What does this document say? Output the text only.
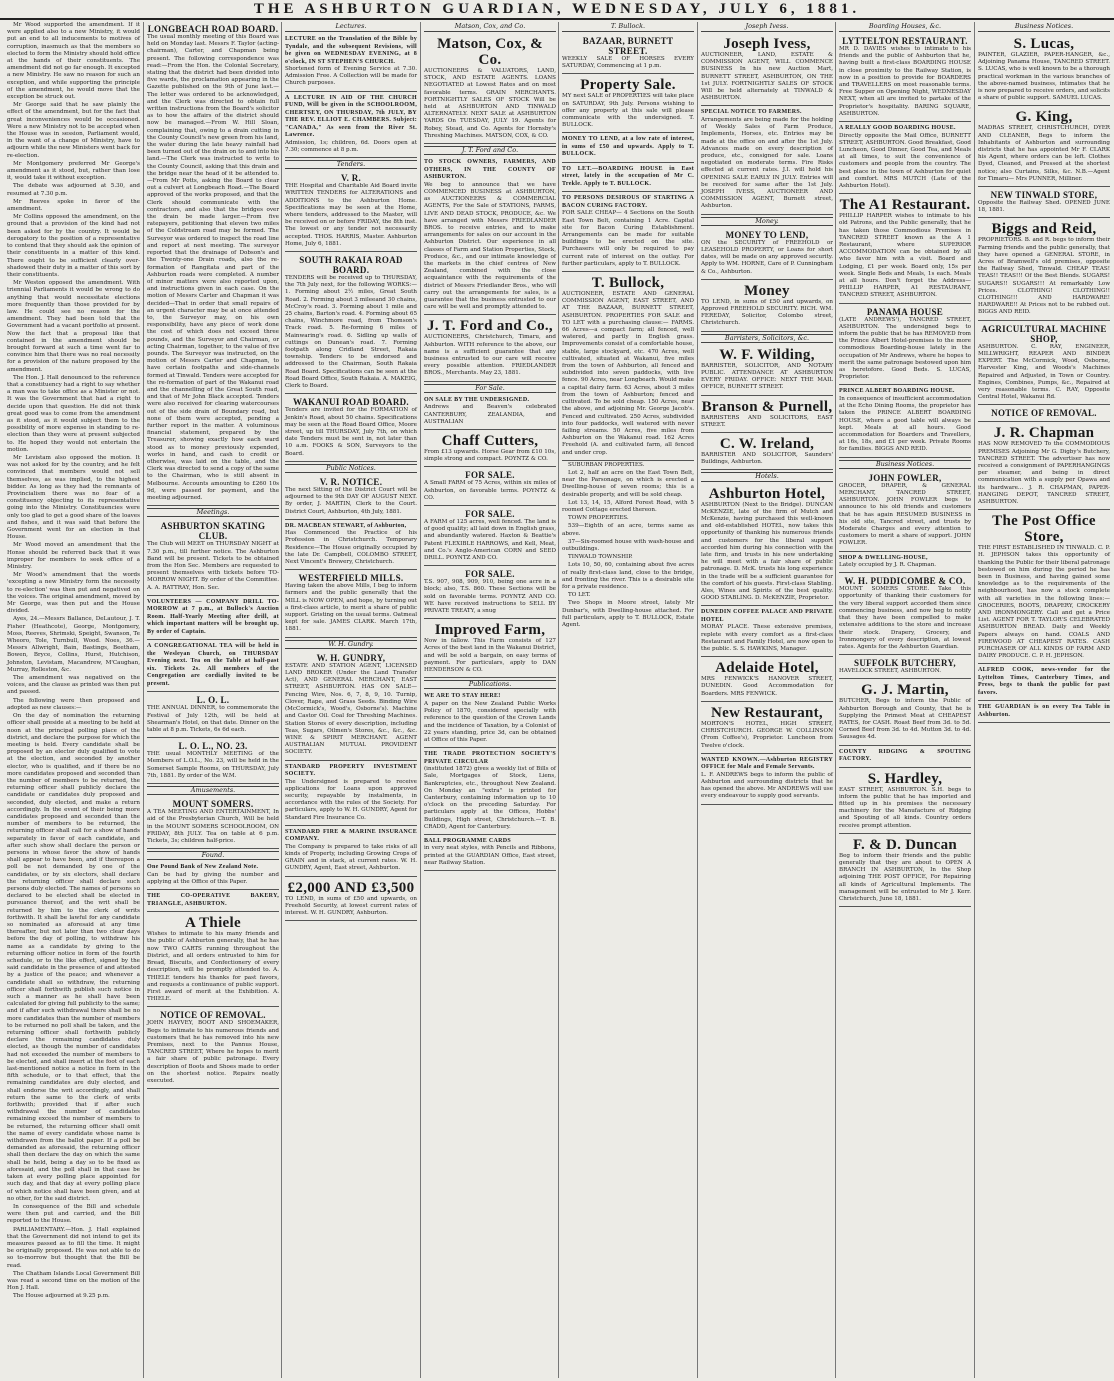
THE ASHBURTON GUARDIAN, WEDNESDAY, JULY 6, 1881.

Mr Wood supported the amendment. If it were applied also to a new Ministry, it would put an end to all inducements to motives of corruption, inasmuch as that the members so elected to form the Ministry should hold office at the hands of their constituents. The amendment did not go far enough. It excepted a new Ministry. He saw no reason for such an exception, and while supporting the principle of the amendment, he would move that the exception be struck out.

Mr George said that he saw plainly the effect of the amendment, but for the fact that great inconveniences would be occasioned. Were a new Ministry not to be accepted when the House was in session, Parliament would, in the want of a change of Ministry, have to adjourn while the new Ministers went back for re-election.

Mr Montgomery preferred Mr George's amendment as it stood, but, rather than lose it, would take it without exception.

The debate was adjourned at 5.30, and resumed at 7.30 p.m.

Mr Reeves spoke in favor of the amendment.

Mr Collins opposed the amendment, on the ground that a provision of the kind had not been asked for by the country. It would be derogatory to the position of a representative to contend that they should ask the opinion of their constituents in a matter of this kind. There ought to be sufficient clearly over-shadowed their duty in a matter of this sort by their constituents.

Mr Weston opposed the amendment. With triennial Parliaments it would be wrong to do anything that would necessitate elections more frequently than those provided for by law. He could see no reason for the amendment. They had been told that the Government had a vacant portfolio at present. Now the fact that a proposal like that contained in the amendment should be brought forward at such a time went far to convince him that there was no real necessity for a provision of the nature proposed by the amendment.

The Hon. J. Hall denounced to the reference that a constituency had a right to say whether a man was to take office as a Minister or not. It was the Government that had a right to decide upon that question. He did not think great good was to come from the amendment as it stood, as it would subject them to the possibility of more expense in standing to re-election than they were at present subjected to. He hoped they would not entertain the motion.

Mr Levistam also opposed the motion. It was not asked for by the country, and he felt convinced that members would not sell themselves, as was implied, to the highest bidder. As long as they had the remnants of Provincialism there was no fear of a constituency objecting to its representative going into the Ministry. Constituencies were only too glad to get a good share of the loaves and fishes, and it was said that before the Government went for an election in that House.

Mr Wood moved an amendment that the Honse should be referred back that it was improper for members to seek office of a Ministry.

Mr Wood's amendment that the words 'excepting a new Ministry form the necessity to re-election' was then put and negatived on the voices. The original amendment, moved by Mr George, was then put and the House divided.

Ayes, 24.—Messrs Ballance, DeLautour, J. T. Fisher (Heathcote), George, Montgomery, Moss, Reeves, Shrimski, Speight, Swanson, Te Wheoro, Tole, Turnbull, Wood. Noes, 36.—Messrs Allwright, Bain, Bastings, Beetham, Bowen, Bryce, Collins, Hurst, Hutchison, Johnston, Levistam, Macandrew, M'Caughan, Murray, Rolleston, &c.

The amendment was negatived on the voices, and the clause as printed was then put and passed.

The following were then proposed and adopted as new clauses:—

On the day of nomination the returning officer shall preside at a meeting to be held at noon at the principal polling place of the district, and declare the purpose for which the meeting is held. Every candidate shall be proposed by an elector duly qualified to vote at the election, and seconded by another elector, who is qualified, and if there be no more candidates proposed and seconded than the number of members to be returned, the returning officer shall publicly declare the candidate or candidates duly proposed and seconded, duly elected, and make a return accordingly. In the event of their being more candidates proposed and seconded than the number of members to be returned, the returning officer shall call for a show of hands separately in favor of each candidate, and after such show shall declare the person or persons in whose favor the show of hands shall appear to have been, and if thereupon a poll be not demanded by one of the candidates, or by six electors, shall declare the returning officer shall declare such persons duly elected. The names of persons so declared to be elected shall be elected in pursuance thereof, and the writ shall be returned by him to the clerk of writs forthwith. It shall be lawful for any candidate so nominated as aforesaid at any time thereafter, but not later than two clear days before the day of polling, to withdraw his name as a candidate by giving to the returning officer notice in form of the fourth schedule, or to the like effect, signed by the said candidate in the presence of and attested by a justice of the peace; and whenever a candidate shall so withdraw, the returning officer shall forthwith publish such notice in such a manner as he shall have been calculated for giving full publicity to the same; and if after such withdrawal there shall be no more candidates than the number of members to be returned no poll shall be taken, and the returning officer shall forthwith publicly declare the remaining candidates duly elected, as though the number of candidates had not exceeded the number of members to be elected, and shall insert at the foot of each last-mentioned notice a notice in form in the fifth schedule, or to that effect, that the remaining candidates are duly elected, and shall endorse the writ accordingly, and shall return the same to the clerk of writs forthwith; provided that if after such withdrawal the number of candidates remaining exceed the number of members to be returned, the returning officer shall omit the name of every candidate whose name is withdrawn from the ballot paper. If a poll be demanded as aforesaid, the returning officer shall then declare the day on which the same shall be held, being a day so to be fixed as aforesaid, and the poll shall in that case be taken at every polling place appointed for such day, and that day at every polling place of which notice shall have been given, and at no other, for the said district.

In consequence of the Bill and schedule were then put and carried, and the Bill reported to the House.

PARLIAMENTARY.—Hon. J. Hall explained that the Government did not intend to get its measures passed as to fill the time. It might be originally proposed. He was not able to do so to-morrow but thought that the Bill be read.

The Chatham Islands Local Government Bill was read a second time on the motion of the Hon J. Hall.

The House adjourned at 9.25 p.m.

LONGBEACH ROAD BOARD.

The usual monthly meeting of this Board was held on Monday last. Messrs F. Taylor (acting-chairman), Carter, and Chapman being present. The following correspondence was read:—From the Hon. the Colonial Secretary, stating that the district had been divided into five wards, the proclamation appearing in the Gazette published on the 9th of June last.—The letter was ordered to be acknowledged, and the Clerk was directed to obtain full written instructions from the Board's solicitor as to how the affairs of the district should now be managed.—From W. Hill Sloan, complaining that, owing to a drain cutting in the County Council's new green from his land, the water during the late heavy rainfall had been turned out of the drain on to and into his land.—The Clerk was instructed to write to the County Council, asking that this drain and the bridge near the head of it be attended to.—From Mr Potts, asking the Board to clear out a culvert at Longbeach Road.—The Board approved of the works proposed, and that the Clerk should communicate with the contractors, and also that the bridges over the drain be made larger.—From five ratepayers, petitioning that eleven two miles of the Coldstream road may be formed. The Surveyor was ordered to inspect the road line and report at next meeting. The surveyor reported that the drainage of Dobson's and the Twenty-one Drain roads, also the re-formation of Rangitata and part of the Ashburton roads were completed. A number of minor matters were also reported upon, and instructions given in each case. On the motion of Messrs Carter and Chapman it was decided—That in order that small repairs of an urgent character may be at once attended to, the Surveyor may, on his own responsibility, have any piece of work done the cost of which does not exceed three pounds, and the Surveyor and Chairman, or acting Chairman, together, to the value of five pounds. The Surveyor was instructed, on the motion of Messrs Carter and Chapman, to have certain footpaths and side-channels formed at Tinwald. Tenders were accepted for the re-formation of part of the Wakanui road and the channelling of the Great South road, and that of Mr John Black accepted. Tenders were also received for clearing watercourses out of the side drain of Boundary road, but none of them were accepted, pending a further report in the matter. A voluminous financial statement, prepared by the Treasurer, showing exactly how each ward stood as to money previously expended, works in hand, and cash to credit or otherwise, was laid on the table, and the Clerk was directed to send a copy of the same to the Chairman, who is still absent in Melbourne. Accounts amounting to £260 10s 9d, were passed for payment, and the meeting adjourned.

Meetings.
ASHBURTON SKATING CLUB.

The Club will MEET on THURSDAY NIGHT at 7.30 p.m., till further notice. The Ashburton Band will be present. Tickets to be obtained from the Hon Sec. Members are requested to present themselves with tickets before TO-MORROW NIGHT. By order of the Committee. A. A. RATTRAY, Hon. Sec.

VOLUNTEERS — COMPANY DRILL TO-MORROW at 7 p.m., at Bullock's Auction Room. Half-Yearly Meeting after drill, at which important matters will be brought up. By order of Captain.
A CONGREGATIONAL TEA will be held in the Wesleyan Church, on THURSDAY Evening next. Tea on the Table at half-past six. Tickets 2s. All members of the Congregation are cordially invited to be present.
L. O. L.

THE ANNUAL DINNER, to commemorate the Festival of July 12th, will be held at Shearman's Hotel, on that date. Dinner on the table at 8 p.m. Tickets, 6s 6d each.

L. O. L., NO. 23.

THE usual MONTHLY MEETING of the Members of L.O.L., No. 23, will be held in the Somerset Sample Rooms, on THURSDAY, July 7th, 1881. By order of the W.M.

Amusements.
MOUNT SOMERS.

A TEA MEETING AND ENTERTAINMENT, In aid of the Presbyterian Church, Will be held in the MOUNT SOMERS SCHOOLROOM, ON FRIDAY, 8th JULY. Tea on table at 6 p.m. Tickets, 3s; children half-price.

Found.
One Pound Bank of New Zealand Note.

Can be had by giving the number and applying at the Office of this Paper.

THE CO-OPERATIVE BAKERY, TRIANGLE, ASHBURTON.
A Thiele

Wishes to intimate to his many friends and the public of Ashburton generally, that he has now TWO CARTS running throughout the District, and all orders entrusted to him for Bread, Biscuits, and Confectionery of every description, will be promptly attended to. A. THIELE tenders his thanks for past favors, and requests a continuance of public support. First award of merit at the Exhibition. A. THIELE.

NOTICE OF REMOVAL.

JOHN HAYVEY, BOOT AND SHOEMAKER, Begs to intimate to his numerous friends and customers that he has removed into his new Premises, next to the Pannus House, TANCRED STREET, Where he hopes to merit a fair share of public patronage. Every description of Boots and Shoes made to order on the shortest notice. Repairs neatly executed.

Lectures.
LECTURE on the Translation of the Bible by Tyndale, and the subsequent Revisions, will be given on WEDNESDAY EVENING, at 8 o'clock, IN ST STEPHEN'S CHURCH.

Shortened form of Evening Service at 7.30. Admission Free. A Collection will be made for Church purposes.

A LECTURE IN AID OF THE CHURCH FUND, Will be given in the SCHOOLROOM, CHERTSEY, ON THURSDAY, 7th JULY, BY THE REV. ELLIOT E. CHAMBERS. Subject: "CANADA," As seen from the River St. Lawrence.

Admission, 1s; children, 6d. Doors open at 7.30; commence at 8 p.m.

Tenders.
V. R.

THE Hospital and Charitable Aid Board invite WRITTEN TENDERS for ALTERATIONS and ADDITIONS to the Ashburton Home. Specifications may be seen at the Home, where tenders, addressed to the Master, will be received on or before FRIDAY, the 8th inst. The lowest or any tender not necessarily accepted. THOS. HARRIS, Master. Ashburton Home, July 6, 1881.

SOUTH RAKAIA ROAD BOARD.

TENDERS will be received up to THURSDAY, the 7th July next, for the following WORKS:— 1. Forming about 2½ miles, Great South Road. 2. Forming about 3 mileeand 30 chains, McCroy's road. 3. Forming about 1 mile and 25 chains, Barton's road. 4. Forming about 65 chains, Winchmore road, from Thomson's Track road. 5. Re-forming 6 miles of Mainwaring's road. 6. Sidling up walls of cuttings on Dunean's road. 7. Forming footpath along Cridland Street, Rakaia township. Tenders to be endorsed and addressed to the Chairman, South Rakaia Road Board. Specifications can be seen at the Road Board Office, South Rakaia. A. MAKEIG, Clerk to Board.

WAKANUI ROAD BOARD.

Tenders are invited for the FORMATION of Jenkin's Road, about 50 chains. Specifications may be seen at the Road Board Office, Moore street, up till THURSDAY, July 7th, on which date Tenders must be sent in, not later than 10 a.m. FOOKS & SON, Surveyors to the Board.

Public Notices.
V. R. NOTICE.

The next Sitting of the District Court will be adjourned to the 9th DAY OF AUGUST NEXT. By order, J. MARTIN, Clerk to the Court. District Court, Ashburton, 4th July, 1881.

DR. MACBEAN STEWART, of Ashburton,

Has Commenced the Practice of his Profession in Christchurch. Temporary Residence—The House originally occupied by the late Dr. Campbell, COLOMBO STREET, Next Vincent's Brewery, Christchurch.

WESTERFIELD MILLS.

Having taken the above Mills, I beg to inform farmers and the public generally that the MILL is NOW OPEN, and hope, by turning out a first-class article, to merit a share of public support. Gristing on the usual terms. Oatmeal kept for sale. JAMES CLARK. March 17th, 1881.

W. H. Gundry.
W. H. GUNDRY,

ESTATE AND STATION AGENT, LICENSED LAND BROKER (Under the Land Transfer Act), AND GENERAL MERCHANT, EAST STREET, ASHBURTON. HAS ON SALE— Fencing Wire, Nos. 6, 7, 8, 9, 10. Turnip, Clover, Rape, and Grass Seeds. Binding Wire (McCormick's, Wood's, Osborne's). Machine and Castor Oil. Coal for Threshing Machines. Station Stores of every description, including Teas, Sugars, Oilmen's Stores, &c., &c., &c. WINE & SPIRIT MERCHANT. AGENT AUSTRALIAN MUTUAL PROVIDENT SOCIETY.

STANDARD PROPERTY INVESTMENT SOCIETY.

The Undersigned is prepared to receive applications for Loans upon approved security, repayable by instalments, in accordance with the rules of the Society. For particulars, apply to W. H. GUNDRY, Agent for Standard Fire Insurance Co.

STANDARD FIRE & MARINE INSURANCE COMPANY.

The Company is prepared to take risks of all kinds of Property, including Growing Crops of GRAIN and in stack, at current rates. W. H. GUNDRY, Agent, East street, Ashburton.

£2,000 AND £3,500

TO LEND, in sums of £50 and upwards, on Freehold Security, at lowest current rates of interest. W. H. GUNDRY, Ashburton.

Matson, Cox, and Co.
Matson, Cox, & Co.

AUCTIONEERS & VALUATORS, LAND, STOCK, AND ESTATE AGENTS. LOANS NEGOTIATED at Lowest Rates and on most favorable terms. GRAIN MERCHANTS. FORTNIGHTLY SALES OF STOCK Will be held at ASHBURTON AND TINWALD ALTERNATELY. NEXT SALE at ASHBURTON YARDS On TUESDAY, JULY 19. Agents for Robey, Stead, and Co. Agents for Hornsby's Threshing Machines. MATSON, COX, & CO.

J. T. Ford and Co.
TO STOCK OWNERS, FARMERS, AND OTHERS, IN THE COUNTY OF ASHBURTON.

We beg to announce that we have COMMENCED BUSINESS at ASHBURTON, as AUCTIONEERS & COMMERCIAL AGENTS, For the Sale of STATIONS, FARMS, LIVE AND DEAD STOCK, PRODUCE, &c. We have arranged with Messrs FRIEDLANDER BROS. to receive entries, and to make arrangements for sales on our account in the Ashburton District. Our experience in all classes of Farm and Station Properties, Stock, Produce, &c., and our intimate knowledge of the markets in the chief centres of New Zealand, combined with the close acquaintance with the requirements of the district of Messrs Friedlander Bros., who will carry out the arrangements for sales, is a guarantee that the business entrusted to our care will be well and promptly attended to.

J. T. Ford and Co.,

AUCTIONEERS, Christchurch, Timaru, and Ashburton. WITH reference to the above, our name is a sufficient guarantee that any business entrusted to our care will receive every possible attention. FRIEDLANDER BROS., Merchants. May 23, 1881.

For Sale.
ON SALE BY THE UNDERSIGNED.

Andrews and Beaven's celebrated CANTERBURY, ZEALANDIA, and AUSTRALIAN

Chaff Cutters,

From £13 upwards. Horse Gear from £10 10s, simple strong and compact. POYNTZ & CO.

FOR SALE.

A Small FARM of 75 Acres, within six miles of Ashburton, on favorable terms. POYNTZ & CO.

FOR SALE.

A FARM of 125 acres, well fenced. The land is of good quality; all laid down in English grass, and abundantly watered. Haxton & Beattie's Patent FLEXIBLE HARROWS, and Kell, Meat, and Co.'s Anglo-American CORN and SEED DRILL. POYNTZ AND CO.

FOR SALE.

T.S. 907, 908, 909, 910, being one acre in a block; also, T.S. 860. These Sections will be sold on favorable terms. POYNTZ AND CO. WE have received instructions to SELL BY PRIVATE TREATY, a snug

Improved Farm,

Now in fallow. This Farm consists of 127 Acres of the best land in the Wakanui District, and will be sold a bargain, on easy terms of payment. For particulars, apply to DAN HENDERSON & CO.

Publications.
WE ARE TO STAY HERE!

A paper on the New Zealand Public Works Policy of 1870, considered specially with reference to the question of the Crown Lands and the incidence of Taxation, by a Colonist of 22 years standing, price 3d, can be obtained at Office of this Paper.

THE TRADE PROTECTION SOCIETY'S PRIVATE CIRCULAR

(instituted 1872) gives a weekly list of Bills of Sale, Mortgages of Stock, Liens, Bankruptcies, etc., throughout New Zealand. On Monday an "extra" is printed for Canterbury, containing information up to 10 o'clock on the preceding Saturday. For particulars apply at the Offices, Hobbs' Buildings, High street, Christchurch.—T. B. CRADD, Agent for Canterbury.

BALL PROGRAMME CARDS

in very neat styles, with Pencils and Ribbons, printed at the GUARDIAN Office, East street, near Railway Station.

T. Bullock.
BAZAAR, BURNETT STREET.

WEEKLY SALE OF HORSES EVERY SATURDAY, Commencing at 1 p.m.

Property Sale.

MY next SALE of PROPERTIES will take place on SATURDAY, 9th July. Persons wishing to offer any property at this sale will please communicate with the undersigned. T. BULLOCK.

MONEY TO LEND, at a low rate of interest, in sums of £50 and upwards. Apply to T. BULLOCK.
TO LET.—BOARDING HOUSE in East street, lately in the occupation of Mr C. Trekle. Apply to T. BULLOCK.
TO PERSONS DESIROUS OF STARTING A BACON CURING FACTORY.

FOR SALE CHEAP— 4 Sections on the South East Town Belt, containing 1 Acre. Capital site for Bacon Curing Establishment. Arrangements can be made for suitable buildings to be erected on the site. Purchasers will only be required to pay current rate of interest on the outlay. For further particulars, apply to T. BULLOCK.

T. Bullock,

AUCTIONEER, ESTATE AND GENERAL COMMISSION AGENT, EAST STREET, AND AT THE BAZAAR, BURNETT STREET, ASHBURTON. PROPERTIES FOR SALE and TO LET with a purchasing clause:— FARMS. 66 Acres—a compact farm; all fenced, well watered, and partly in English grass. Improvements consist of a comfortable house, stable, large stockyard, etc. 470 Acres, well cultivated, situated at Wakanui, five miles from the town of Ashburton, all fenced and subdivided into seven paddocks, with live fence. 90 Acres, near Longbeach. Would make a capital dairy farm. 63 Acres, about 3 miles from the town of Ashburton; fenced and cultivated. To be sold cheap. 150 Acres, near the above, and adjoining Mr. George Jacob's. Fenced and cultivated. 250 Acres, subdivided into four paddocks, well watered with never failing streams. 50 Acres, five miles from Ashburton on the Wakanui road. 162 Acres Freehold (A. and cultivated farm, all fenced and under crop.

SUBURBAN PROPERTIES.

Lot 2, half an acre on the East Town Belt, near the Parsonage, on which is erected a Dwelling-house of seven rooms; this is a desirable property, and will be sold cheap.

Lot 13, 14, 15, Alford Forest Road, with 5 roomed Cottage erected thereon.

TOWN PROPERTIES.

539—Eighth of an acre, terms same as above.

37—Six-roomed house with wash-house and outbuildings.

TINWALD TOWNSHIP.

Lots 10, 50, 60, containing about five acres of really first-class land, close to the bridge, and fronting the river. This is a desirable site for a private residence.

TO LET.

Two Shops in Moore street, lately Mr Dunbar's, with Dwelling-house attached. For full particulars, apply to T. BULLOCK, Estate Agent.

Joseph Ivess.
Joseph Ivess,

AUCTIONEER, LAND, ESTATE & COMMISSION AGENT, WILL COMMENCE BUSINESS In his new Auction Mart, BURNETT STREET, ASHBURTON, ON THE 1st JULY. FORTNIGHTLY SALES OF STOCK Will be held alternately at TINWALD & ASHBURTON.

SPECIAL NOTICE TO FARMERS.

Arrangements are being made for the holding of Weekly Sales of Farm Produce, Implements, Horses, etc. Entries may be made at the office on and after the 1st July. Advances made on every description of produce, etc., consigned for sale. Loans negotiated on moderate terms. Fire Risks effected at current rates. J.I. will hold his OPENING SALE EARLY IN JULY. Entries will be received for same after the 1st July. JOSEPH IVESS, AUCTIONEER AND COMMISSION AGENT, Burnett street, Ashburton.

Money.
MONEY TO LEND,

ON the SECURITY of FREEHOLD or LEASEHOLD PROPERTY, or Loans for short dates, will be made on any approved security. Apply to WM. HORNE, Care of P. Cunningham & Co., Ashburton.

Money

TO LEND, in sums of £50 and upwards, on Approved FREEHOLD SECURITY. RICH. WM. FEREDAY, Solicitor, Colombo street, Christchurch.

Barristers, Solicitors, &c.
W. F. Wilding,

BARRISTER, SOLICITOR, AND NOTARY PUBLIC. ATTENDANCE AT ASHBURTON EVERY FRIDAY. OFFICE: NEXT THE MAIL OFFICE, BURNETT STREET.

Branson & Purnell,

BARRISTERS AND SOLICITORS, EAST STREET.

C. W. Ireland,

BARRISTER AND SOLICITOR, Saunders' Buildings, Ashburton.

Hotels.
Ashburton Hotel,

ASHBURTON (Next to the Bridge). DUNCAN McKENZIE, late of the firm of Mutch and McKenzie, having purchased this well-known and old-established HOTEL, now takes this opportunity of thanking his numerous friends and customers for the liberal support accorded him during his connection with the late firm, and trusts in his new undertaking he will meet with a fair share of public patronage. D. McK. trusts his long experience in the trade will be a sufficient guarantee for the comfort of his guests. First-class Stabling. Ales, Wines and Spirits of the best quality. GOOD STABLING. D. McKENZIE, Proprietor.

DUNEDIN COFFEE PALACE AND PRIVATE HOTEL

MORAY PLACE. These extensive premises, replete with every comfort as a first-class Restaurant and Family Hotel, are now open to the public. S. S. HAWKINS, Manager.

Adelaide Hotel,

MRS FENWICK'S HANOVER STREET, DUNEDIN. Good Accommodation for Boarders. MRS FENWICK.

New Restaurant,

MORTON'S HOTEL, HIGH STREET, CHRISTCHURCH. GEORGE W. COLLINSON (From Coffee's), Proprietor. Luncheon from Twelve o'clock.

WANTED KNOWN.—Ashburton REGISTRY OFFICE for Male and Female Servants.

L. F. ANDREWS begs to inform the public of Ashburton and surrounding districts that he has opened the above. Mr ANDREWS will use every endeavour to supply good servants.

Boarding Houses, &c.
LYTTELTON RESTAURANT.

MR D. DAVIES wishes to intimate to his friends and the public of Ashburton that he, having built a first-class BOARDING HOUSE in close proximity to the Railway Station, is now in a position to provide for BOARDERS and TRAVELLERS on most reasonable terms. Free Supper on Opening Night, WEDNESDAY NEXT, when all are invited to partake of the Proprietor's hospitality. BARING SQUARE, ASHBURTON.

A REALLY GOOD BOARDING HOUSE.

Directly opposite the Mail Office, BURNETT STREET, ASHBURTON. Good Breakfast, Good Luncheon, Good Dinner, Good Tea, and Meals at all times, to suit the convenience of customers and people from the country. The best place in the town of Ashburton for quiet and comfort. MRS MUTCH (Late of the Ashburton Hotel).

The A1 Restaurant.

PHILLIP HARPER wishes to intimate to his old Patrons, and the Public generally, that he has taken those Commodious Premises in TANCRED STREET known as the A 1 Restaurant, where SUPERIOR ACCOMMODATION can be obtained by all who favor him with a visit. Board and Lodging, £1 per week. Board only, 15s per week. Single Beds and Meals, 1s each. Meals at all hours. Don't forget the Address— PHILLIP HARPER, A1 RESTAURANT, TANCRED STREET, ASHBURTON.

PANAMA HOUSE

(LATE ANDREWS'), TANCRED STREET, ASHBURTON. The undersigned begs to inform the public that he has REMOVED from the Prince Albert Hotel-premises to the more commodious Boarding-house lately in the occupation of Mr Andrews, where he hopes to merit the same patronage bestowed upon him as heretofore. Good Beds. S. LUCAS, Proprietor.

PRINCE ALBERT BOARDING HOUSE.

In consequence of insufficient accommodation at the Echo Dining Rooms, the proprietor has taken the PRINCE ALBERT BOARDING HOUSE, where a good table will always be kept. Meals at all hours. Good accommodation for Boarders and Travellers, at 16s, 18s, and £1 per week. Private Rooms for families. BIGGS AND REID.

Business Notices.
JOHN FOWLER,

GROCER, DRAPER, & GENERAL MERCHANT, TANCRED STREET, ASHBURTON. JOHN FOWLER begs to announce to his old friends and customers that he has again RESUMED BUSINESS in his old site, Tancred street, and trusts by Moderate Charges and every attention to customers to merit a share of support. JOHN FOWLER.

SHOP & DWELLING-HOUSE,

Lately occupied by J. R. Chapman.

W. H. PUDDICOMBE & CO.

MOUNT SOMERS STORE. Take this opportunity of thanking their customers for the very liberal support accorded them since commencing business, and now beg to notify that they have been compelled to make extensive additions to the store and increase their stock. Drapery, Grocery, and Ironmongery of every description, at lowest rates. Agents for the Ashburton Guardian.

SUFFOLK BUTCHERY,

HAVELOCK STREET, ASHBURTON.

G. J. Martin,

BUTCHER, Begs to inform the Public of Ashburton Borough and County, that he is Supplying the Primest Meat at CHEAPEST RATES, for CASH. Roast Beef from 3d. to 5d. Corned Beef from 3d. to 4d. Mutton 3d. to 4d. Sausages 4d.

COUNTY RIDGING & SPOUTING FACTORY.
S. Hardley,

EAST STREET, ASHBURTON. S.H. begs to inform the public that he has imported and fitted up in his premises the necessary machinery for the Manufacture of Ridging and Spouting of all kinds. Country orders receive prompt attention.

F. & D. Duncan

Beg to inform their friends and the public generally that they are about to OPEN A BRANCH IN ASHBURTON, In the Shop adjoining THE POST OFFICE, For Repairing all kinds of Agricultural Implements. The management will be entrusted to Mr J. Kerr. Christchurch, June 18, 1881.

Business Notices.
S. Lucas,

PAINTER, GLAZIER, PAPER-HANGER, &c., Adjoining Panama House, TANCRED STREET. S. LUCAS, who is well known to be a thorough practical workman in the various branches of the above-named business, intimates that he is now prepared to receive orders, and solicits a share of public support. SAMUEL LUCAS.

G. King,

MADRAS STREET, CHRISTCHURCH, DYER AND CLEANER, Begs to inform the Inhabitants of Ashburton and surrounding districts that he has appointed Mr F. CLARK his Agent, where orders can be left. Clothes Dyed, Cleaned, and Pressed at the shortest notice; also Curtains, Silks, &c. N.B.—Agent for Timaru— Mrs PUNNER, Milliner.

NEW TINWALD STORE,

Opposite the Railway Shed. OPENED JUNE 18, 1881.

Biggs and Reid,

PROPRIETORS. B. and R. begs to inform their Farming friends and the public generally, that they have opened a GENERAL STORE, in Acres of Bramwell's old premises, opposite the Railway Shed, Tinwald. CHEAP TEAS! TEAS!! TEAS!!! Of the Best Blends. SUGARS! SUGARS!! SUGARS!!! At remarkably Low Prices. CLOTHING! CLOTHING!! CLOTHING!!! AND HARDWARE! HARDWARE!! At Prices not to be rubbed out. BIGGS AND REID.

AGRICULTURAL MACHINE SHOP,

ASHBURTON. C. RAY, ENGINEER, MILLWRIGHT, REAPER AND BINDER EXPERT. The McCormick, Wood, Osborne, Harvester King, and Woods's Machines Repaired and Adjusted, in Town or Country. Engines, Combines, Pumps, &c., Repaired at very reasonable terms. C. RAY, Opposite Central Hotel, Wakanui Rd.

NOTICE OF REMOVAL.
J. R. Chapman

HAS NOW REMOVED To the COMMODIOUS PREMISES Adjoining Mr G. Digby's Butchery, TANCRED STREET. The advertiser has now received a consignment of PAPERHANGINGS per steamer, and being in direct communication with a supply per Opawa and its hardware... J. R. CHAPMAN, PAPER-HANGING DEPOT, TANCRED STREET, ASHBURTON.

The Post Office Store,

THE FIRST ESTABLISHED IN TINWALD. C. P. H. JEPHSON takes this opportunity of thanking the Public for their liberal patronage bestowed on him during the period he has been in Business, and having gained some knowledge as to the requirements of the neighbourhood, has now a stock complete with all varieties in the following lines:— GROCERIES, BOOTS, DRAPERY, CROCKERY AND IRONMONGERY. Call and get a Price List. AGENT FOR T. TAYLOR'S CELEBRATED ASHBURTON BREAD. Daily and Weekly Papers always on hand. COALS AND FIREWOOD AT CHEAPEST RATES. CASH PURCHASER OF ALL KINDS OF FARM AND DAIRY PRODUCE. C. P. H. JEPHSON.

ALFRED COOK, news-vendor for the Lyttelton Times, Canterbury Times, and Press, begs to thank the public for past favors.
THE GUARDIAN is on every Tea Table in Ashburton.
